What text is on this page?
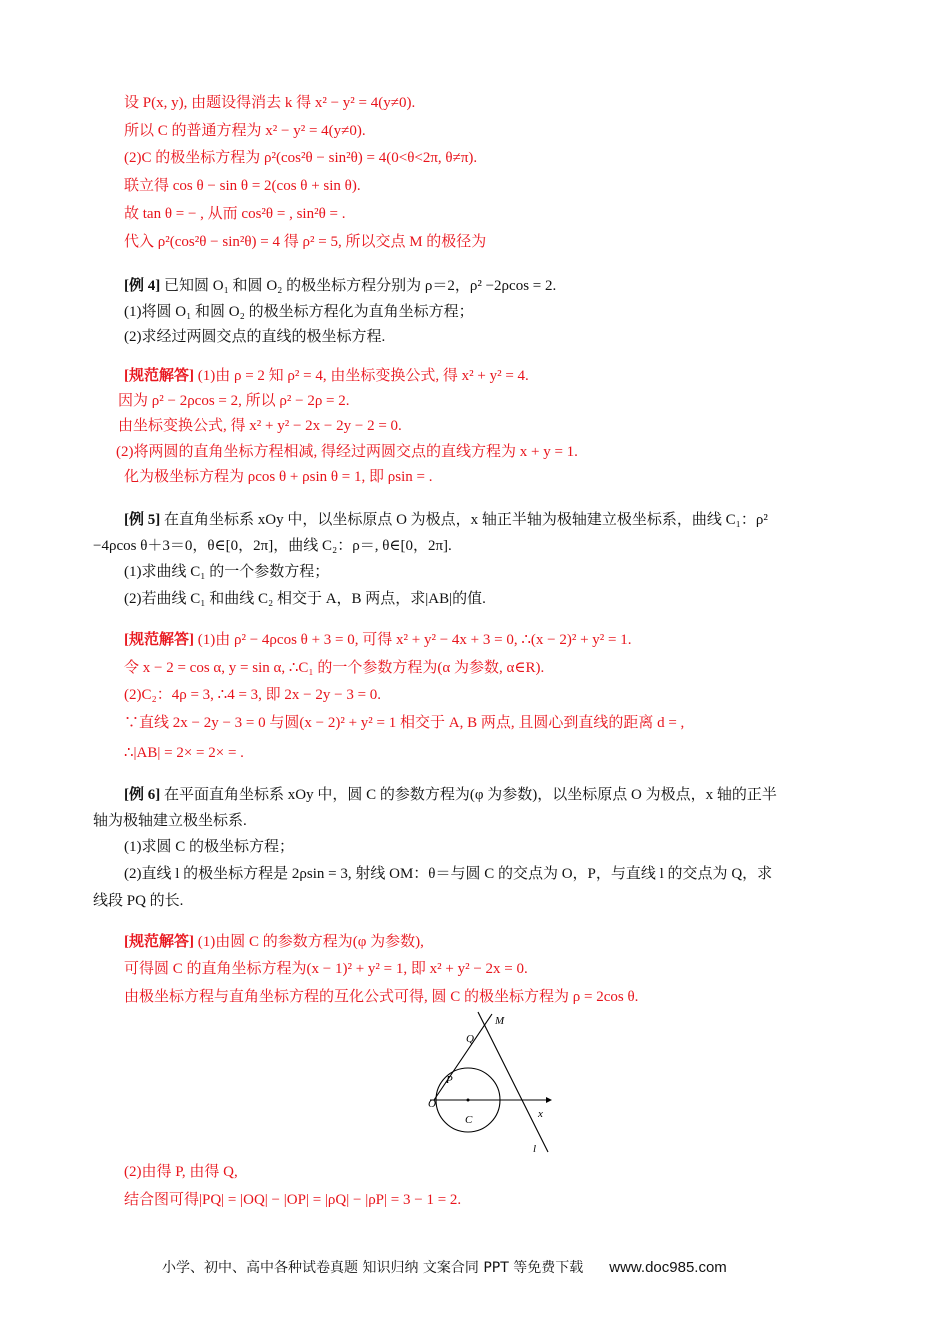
设 P(x, y), 由题设得消去 k 得 x² − y² = 4(y≠0).
所以 C 的普通方程为 x² − y² = 4(y≠0).
(2)C 的极坐标方程为 ρ²(cos²θ − sin²θ) = 4(0<θ<2π, θ≠π).
联立得 cos θ − sin θ = 2(cos θ + sin θ).
故 tan θ = − , 从而 cos²θ = , sin²θ = .
代入 ρ²(cos²θ − sin²θ) = 4 得 ρ² = 5, 所以交点 M 的极径为
[例 4] 已知圆 O₁ 和圆 O₂ 的极坐标方程分别为 ρ＝2，ρ² −2ρcos = 2.
(1)将圆 O₁ 和圆 O₂ 的极坐标方程化为直角坐标方程；
(2)求经过两圆交点的直线的极坐标方程.
[规范解答] (1)由 ρ = 2 知 ρ² = 4, 由坐标变换公式, 得 x² + y² = 4.
因为 ρ² − 2ρcos = 2, 所以 ρ² − 2ρ = 2.
由坐标变换公式, 得 x² + y² − 2x − 2y − 2 = 0.
(2)将两圆的直角坐标方程相减, 得经过两圆交点的直线方程为 x + y = 1.
化为极坐标方程为 ρcos θ + ρsin θ = 1, 即 ρsin = .
[例 5] 在直角坐标系 xOy 中，以坐标原点 O 为极点，x 轴正半轴为极轴建立极坐标系，曲线 C₁：ρ²
−4ρcos θ＋3＝0，θ∈[0，2π]，曲线 C₂：ρ＝, θ∈[0，2π].
(1)求曲线 C₁ 的一个参数方程；
(2)若曲线 C₁ 和曲线 C₂ 相交于 A，B 两点，求|AB|的值.
[规范解答] (1)由 ρ² − 4ρcos θ + 3 = 0, 可得 x² + y² − 4x + 3 = 0, ∴(x − 2)² + y² = 1.
令 x − 2 = cos α, y = sin α, ∴C₁ 的一个参数方程为(α 为参数, α∈R).
(2)C₂：4ρ = 3, ∴4 = 3, 即 2x − 2y − 3 = 0.
∵直线 2x − 2y − 3 = 0 与圆(x − 2)² + y² = 1 相交于 A, B 两点, 且圆心到直线的距离 d = ,
∴|AB| = 2× = 2× = .
[例 6] 在平面直角坐标系 xOy 中，圆 C 的参数方程为(φ 为参数)，以坐标原点 O 为极点，x 轴的正半
轴为极轴建立极坐标系.
(1)求圆 C 的极坐标方程；
(2)直线 l 的极坐标方程是 2ρsin = 3, 射线 OM：θ＝与圆 C 的交点为 O，P，与直线 l 的交点为 Q，求
线段 PQ 的长.
[规范解答] (1)由圆 C 的参数方程为(φ 为参数),
可得圆 C 的直角坐标方程为(x − 1)² + y² = 1, 即 x² + y² − 2x = 0.
由极坐标方程与直角坐标方程的互化公式可得, 圆 C 的极坐标方程为 ρ = 2cos θ.
(2)由得 P, 由得 Q,
结合图可得|PQ| = |OQ| − |OP| = |ρQ| − |ρP| = 3 − 1 = 2.
M
Q
P
O
C	x
l
小学、初中、高中各种试卷真题 知识归纳 文案合同 PPT 等免费下载 www.doc985.com
